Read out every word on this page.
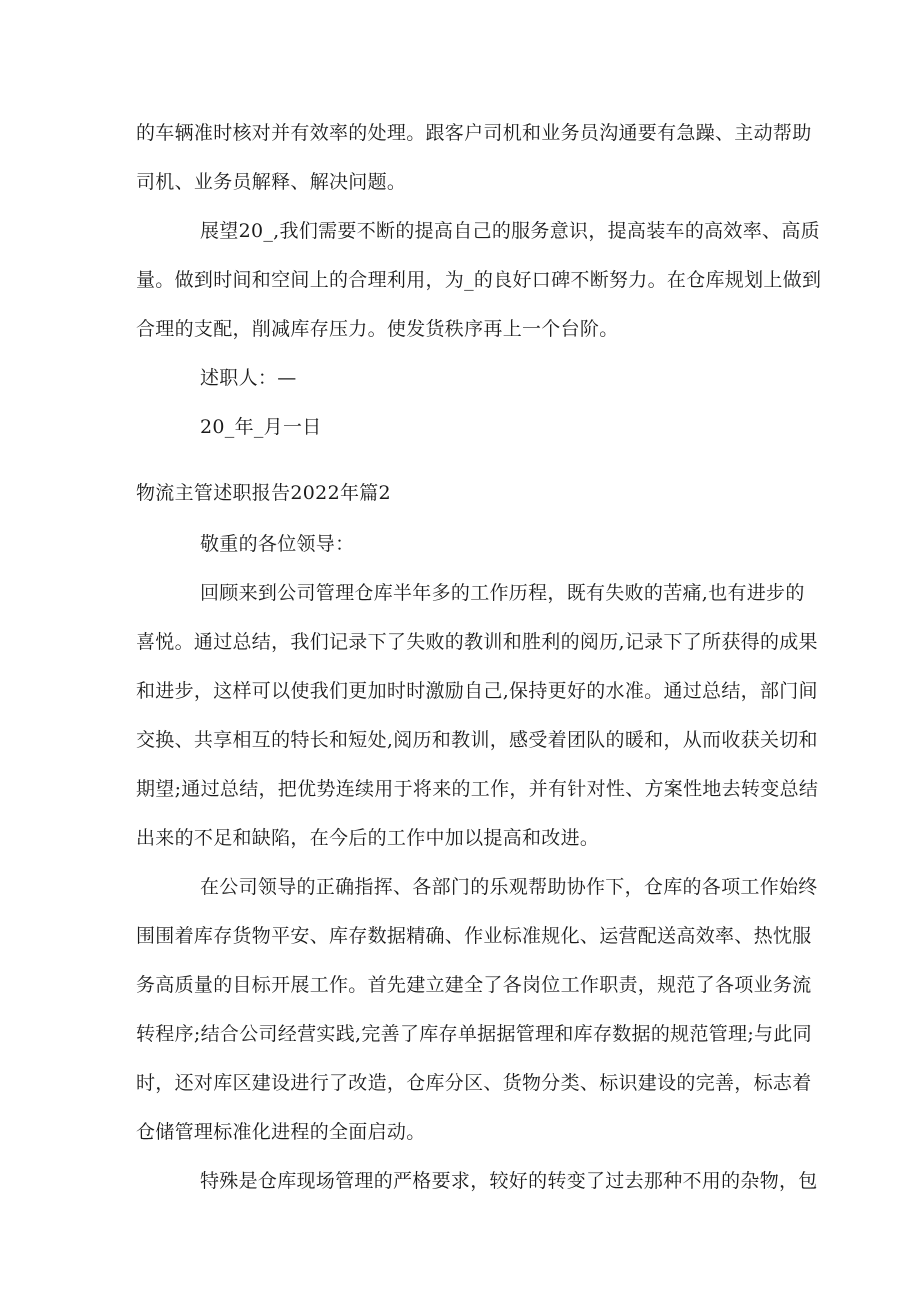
的车辆准时核对并有效率的处理。跟客户司机和业务员沟通要有急躁、主动帮助

司机、业务员解释、解决问题。

展望20_,我们需要不断的提高自己的服务意识，提高装车的高效率、高质

量。做到时间和空间上的合理利用，为_的良好口碑不断努力。在仓库规划上做到

合理的支配，削减库存压力。使发货秩序再上一个台阶。

述职人：—

20_年_月一日

物流主管述职报告2022年篇2

敬重的各位领导：

回顾来到公司管理仓库半年多的工作历程，既有失败的苦痛,也有进步的

喜悦。通过总结，我们记录下了失败的教训和胜利的阅历,记录下了所获得的成果

和进步，这样可以使我们更加时时激励自己,保持更好的水准。通过总结，部门间

交换、共享相互的特长和短处,阅历和教训，感受着团队的暖和，从而收获关切和

期望;通过总结，把优势连续用于将来的工作，并有针对性、方案性地去转变总结

出来的不足和缺陷，在今后的工作中加以提高和改进。

在公司领导的正确指挥、各部门的乐观帮助协作下，仓库的各项工作始终

围围着库存货物平安、库存数据精确、作业标准规化、运营配送高效率、热忱服

务高质量的目标开展工作。首先建立建全了各岗位工作职责，规范了各项业务流

转程序;结合公司经营实践,完善了库存单据据管理和库存数据的规范管理;与此同

时，还对库区建设进行了改造，仓库分区、货物分类、标识建设的完善，标志着

仓储管理标准化进程的全面启动。

特殊是仓库现场管理的严格要求，较好的转变了过去那种不用的杂物，包
